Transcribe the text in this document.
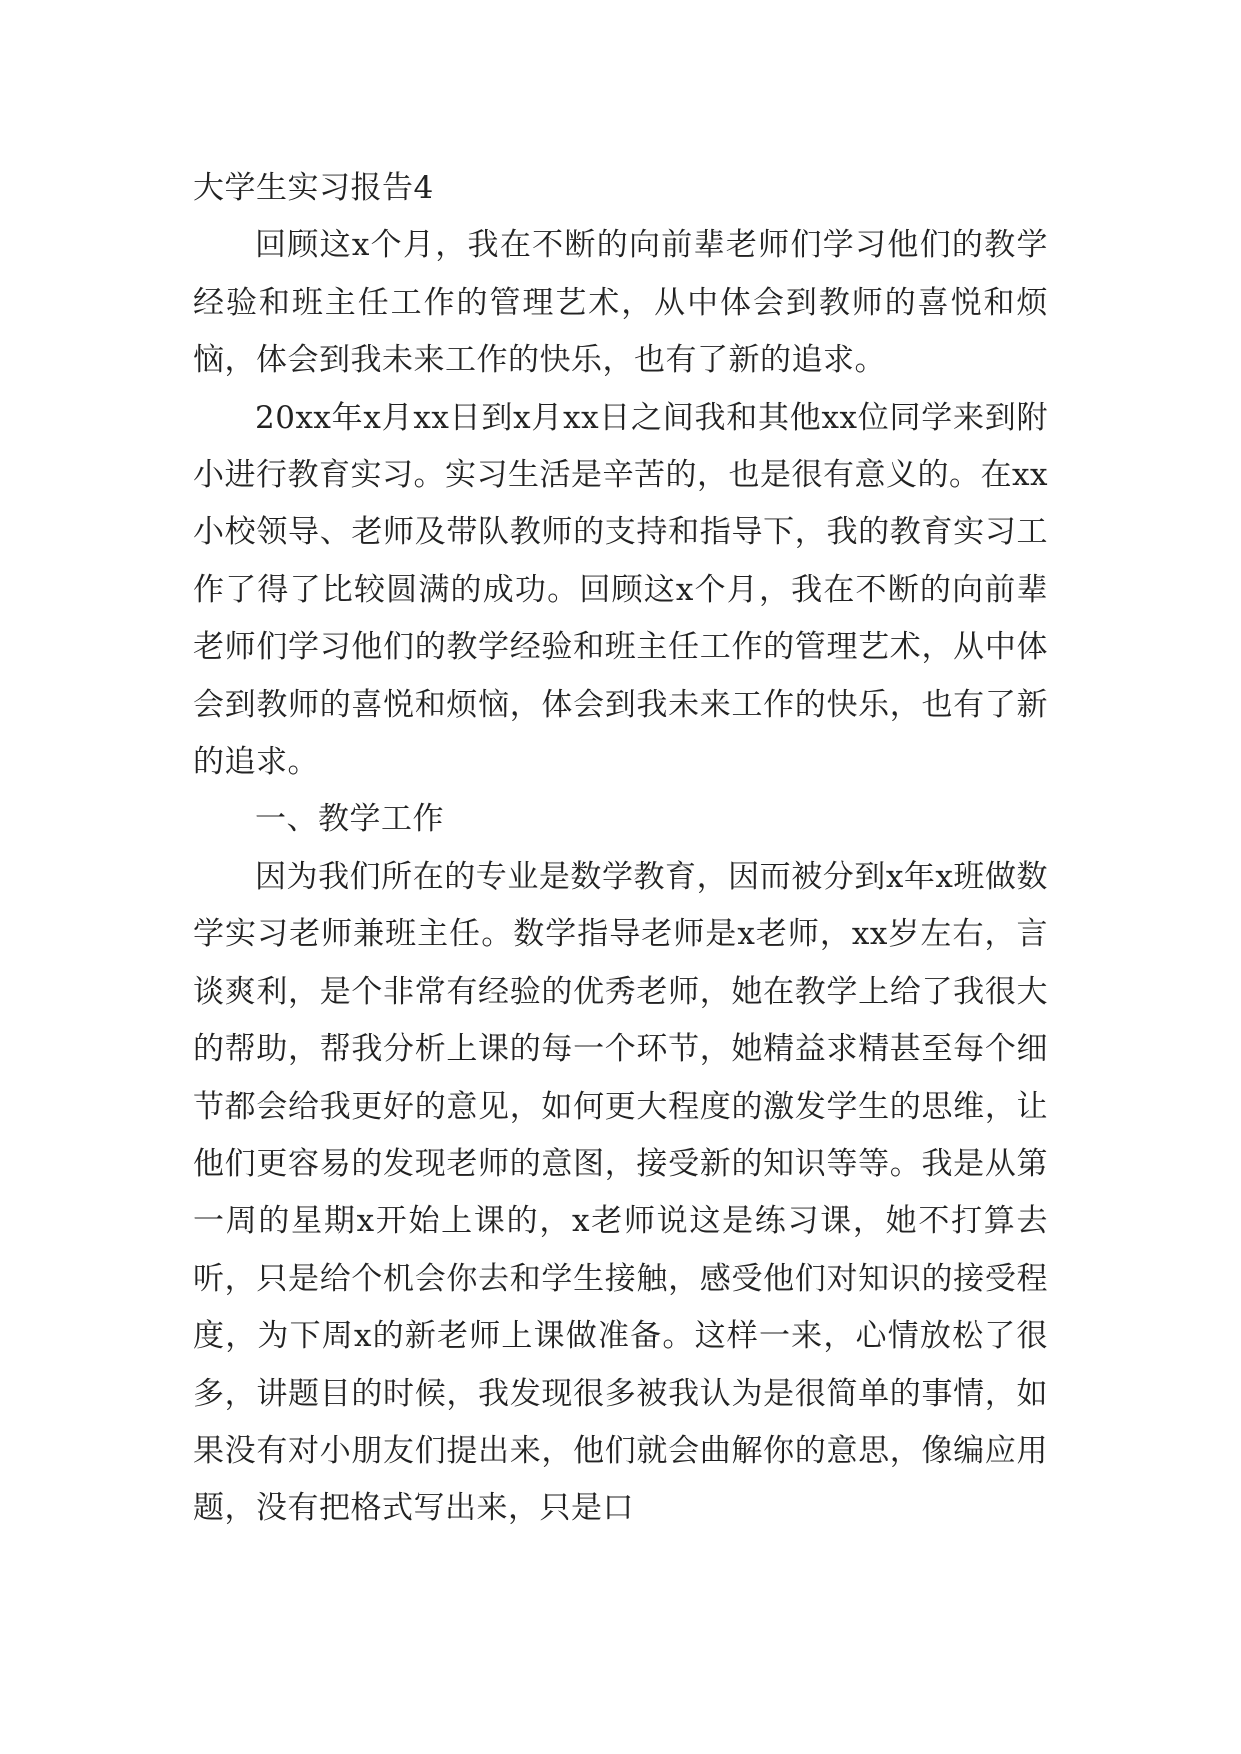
大学生实习报告4

回顾这x个月，我在不断的向前辈老师们学习他们的教学经验和班主任工作的管理艺术，从中体会到教师的喜悦和烦恼，体会到我未来工作的快乐，也有了新的追求。

20xx年x月xx日到x月xx日之间我和其他xx位同学来到附小进行教育实习。实习生活是辛苦的，也是很有意义的。在xx小校领导、老师及带队教师的支持和指导下，我的教育实习工作了得了比较圆满的成功。回顾这x个月，我在不断的向前辈老师们学习他们的教学经验和班主任工作的管理艺术，从中体会到教师的喜悦和烦恼，体会到我未来工作的快乐，也有了新的追求。

一、教学工作

因为我们所在的专业是数学教育，因而被分到x年x班做数学实习老师兼班主任。数学指导老师是x老师，xx岁左右，言谈爽利，是个非常有经验的优秀老师，她在教学上给了我很大的帮助，帮我分析上课的每一个环节，她精益求精甚至每个细节都会给我更好的意见，如何更大程度的激发学生的思维，让他们更容易的发现老师的意图，接受新的知识等等。我是从第一周的星期x开始上课的，x老师说这是练习课，她不打算去听，只是给个机会你去和学生接触，感受他们对知识的接受程度，为下周x的新老师上课做准备。这样一来，心情放松了很多，讲题目的时候，我发现很多被我认为是很简单的事情，如果没有对小朋友们提出来，他们就会曲解你的意思，像编应用题，没有把格式写出来，只是口
